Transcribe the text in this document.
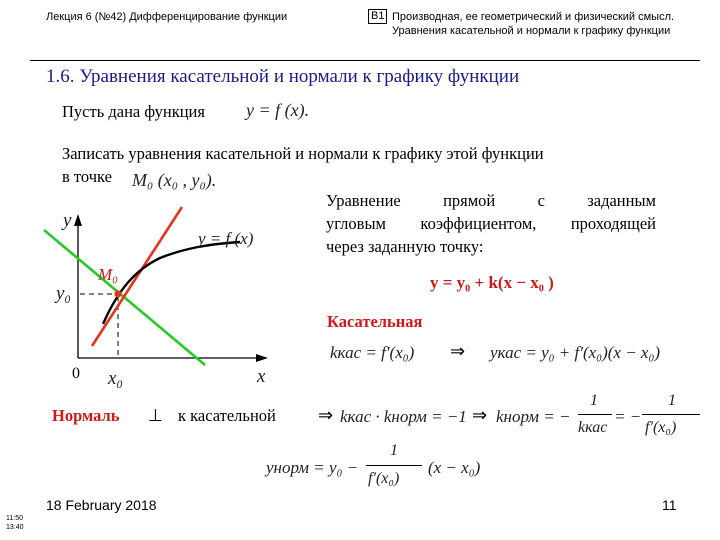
Лекция 6 (№42) Дифференцирование функции	В1 Производная, ее геометрический и физический смысл. Уравнения касательной и нормали к графику функции
1.6. Уравнения касательной и нормали к графику функции
Пусть дана функция y = f (x).
Записать уравнения касательной и нормали к графику этой функции
в точке M₀ (x₀ , y₀).
Уравнение прямой с заданным
угловым коэффициентом, проходящей
через заданную точку:
y = y₀ + k(x − x₀ )
y
x
0
y₀
x₀
M₀
y = f (x)
Касательная
kкас = f′(x₀) ⇒ yкас = y₀ + f′(x₀)(x − x₀)
Нормаль ⊥ к касательной ⇒ kкас · kнорм = −1 ⇒ kнорм = −
1
kкас
= −
1
f′(x₀)
yнорм = y₀ −
1
f′(x₀)
(x − x₀)
18 February 2018	11
11:50
13:40
